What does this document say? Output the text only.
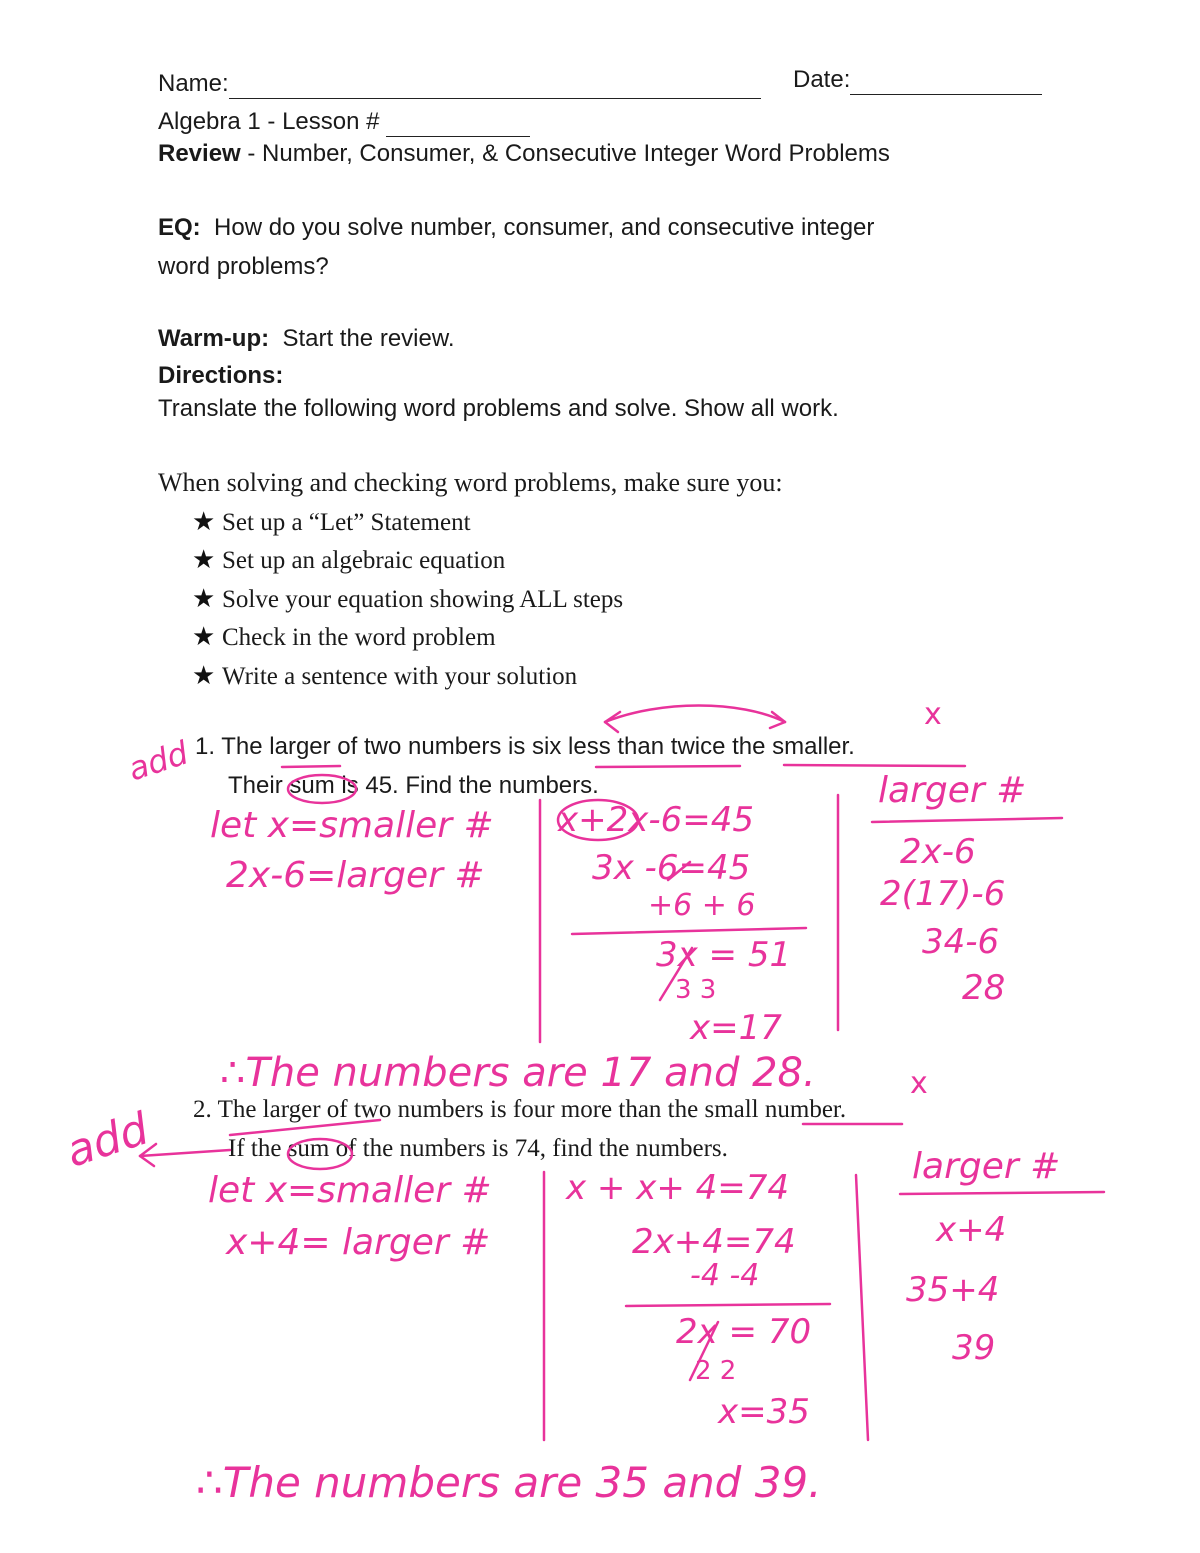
Name:	Date:
Algebra 1 - Lesson #
Review - Number, Consumer, & Consecutive Integer Word Problems
EQ: How do you solve number, consumer, and consecutive integer
word problems?
Warm-up: Start the review.
Directions:
Translate the following word problems and solve. Show all work.
When solving and checking word problems, make sure you:
★ Set up a “Let” Statement
★ Set up an algebraic equation
★ Solve your equation showing ALL steps
★ Check in the word problem
★ Write a sentence with your solution
1. The larger of two numbers is six less than twice the smaller.
Their sum is 45. Find the numbers.
2. The larger of two numbers is four more than the small number.
If the sum of the numbers is 74, find the numbers.
add
x
let x=smaller #
2x-6=larger #
x+2x-6=45
3x -6=45
+6 + 6
3x = 51
3 3
x=17
larger #
2x-6
2(17)-6
34-6
28
∴The numbers are 17 and 28.
add
x
let x=smaller #
x+4= larger #
x + x+ 4=74
2x+4=74
-4 -4
2x = 70
2 2
x=35
larger #
x+4
35+4
39
∴The numbers are 35 and 39.
